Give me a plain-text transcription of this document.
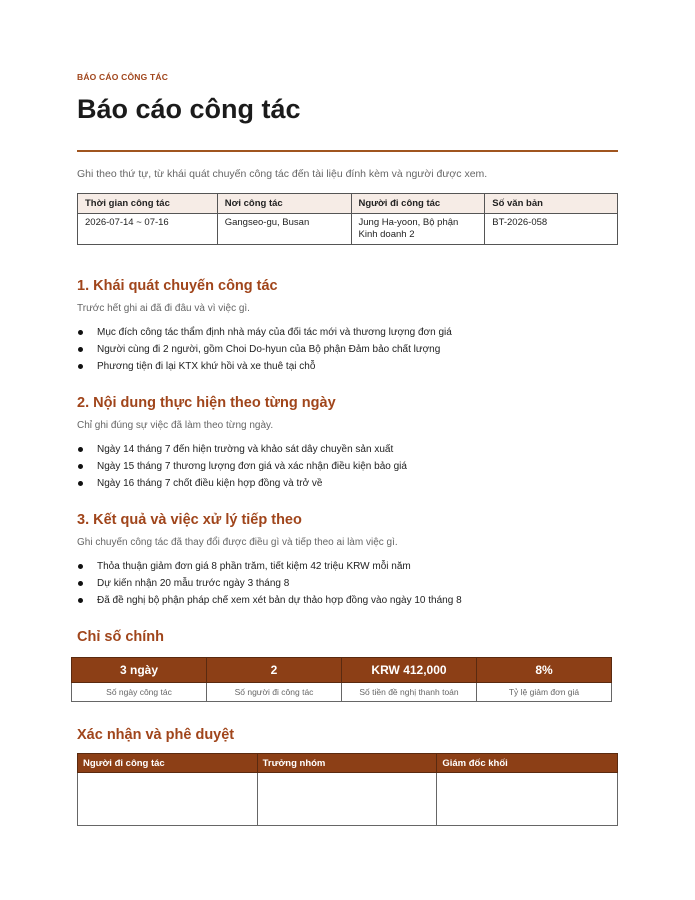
BÁO CÁO CÔNG TÁC
Báo cáo công tác
Ghi theo thứ tự, từ khái quát chuyến công tác đến tài liệu đính kèm và người được xem.
Thời gian công tác	Nơi công tác	Người đi công tác	Số văn bản
2026-07-14 ~ 07-16	Gangseo-gu, Busan	Jung Ha-yoon, Bộ phận Kinh doanh 2	BT-2026-058
1. Khái quát chuyến công tác
Trước hết ghi ai đã đi đâu và vì việc gì.
Mục đích công tác thẩm định nhà máy của đối tác mới và thương lượng đơn giá
Người cùng đi 2 người, gồm Choi Do-hyun của Bộ phận Đảm bảo chất lượng
Phương tiện đi lại KTX khứ hồi và xe thuê tại chỗ
2. Nội dung thực hiện theo từng ngày
Chỉ ghi đúng sự việc đã làm theo từng ngày.
Ngày 14 tháng 7 đến hiện trường và khảo sát dây chuyền sản xuất
Ngày 15 tháng 7 thương lượng đơn giá và xác nhận điều kiện bảo giá
Ngày 16 tháng 7 chốt điều kiện hợp đồng và trở về
3. Kết quả và việc xử lý tiếp theo
Ghi chuyến công tác đã thay đổi được điều gì và tiếp theo ai làm việc gì.
Thỏa thuận giảm đơn giá 8 phần trăm, tiết kiệm 42 triệu KRW mỗi năm
Dự kiến nhận 20 mẫu trước ngày 3 tháng 8
Đã đề nghị bộ phận pháp chế xem xét bản dự thảo hợp đồng vào ngày 10 tháng 8
Chỉ số chính
3 ngày	2	KRW 412,000	8%
Số ngày công tác	Số người đi công tác	Số tiền đề nghị thanh toán	Tỷ lệ giảm đơn giá
Xác nhận và phê duyệt
Người đi công tác	Trưởng nhóm	Giám đốc khối
